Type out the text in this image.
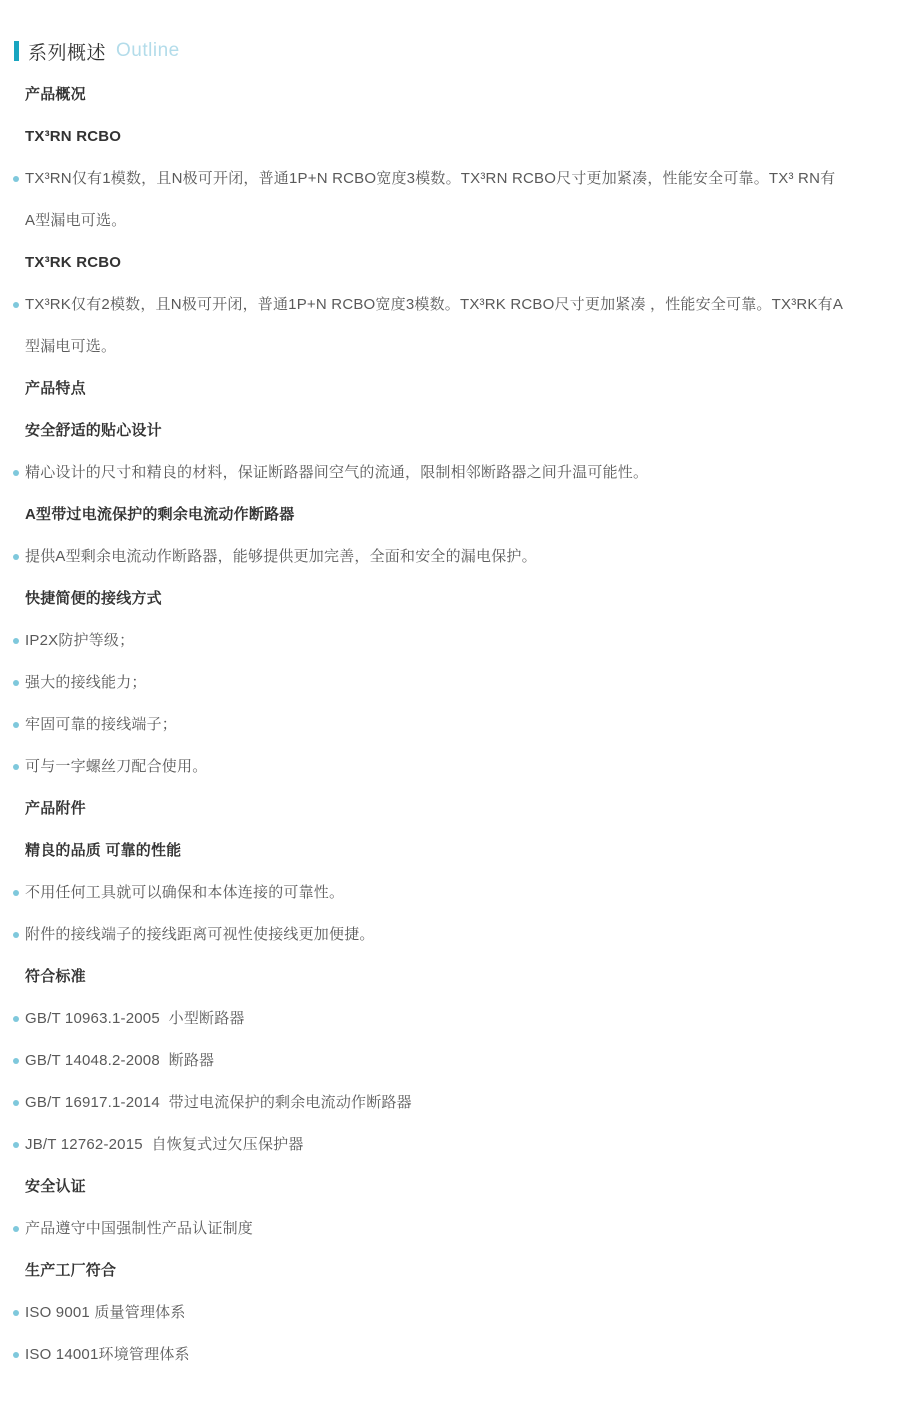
系列概述 Outline
产品概况
TX³RN RCBO
TX³RN仅有1模数，且N极可开闭，普通1P+N RCBO宽度3模数。TX³RN RCBO尺寸更加紧凑，性能安全可靠。TX³ RN有A型漏电可选。
TX³RK RCBO
TX³RK仅有2模数，且N极可开闭，普通1P+N RCBO宽度3模数。TX³RK RCBO尺寸更加紧凑 ，性能安全可靠。TX³RK有A型漏电可选。
产品特点
安全舒适的贴心设计
精心设计的尺寸和精良的材料，保证断路器间空气的流通，限制相邻断路器之间升温可能性。
A型带过电流保护的剩余电流动作断路器
提供A型剩余电流动作断路器，能够提供更加完善，全面和安全的漏电保护。
快捷简便的接线方式
IP2X防护等级；
强大的接线能力；
牢固可靠的接线端子；
可与一字螺丝刀配合使用。
产品附件
精良的品质 可靠的性能
不用任何工具就可以确保和本体连接的可靠性。
附件的接线端子的接线距离可视性使接线更加便捷。
符合标准
GB/T 10963.1-2005  小型断路器
GB/T 14048.2-2008  断路器
GB/T 16917.1-2014  带过电流保护的剩余电流动作断路器
JB/T 12762-2015  自恢复式过欠压保护器
安全认证
产品遵守中国强制性产品认证制度
生产工厂符合
ISO 9001 质量管理体系
ISO 14001环境管理体系
